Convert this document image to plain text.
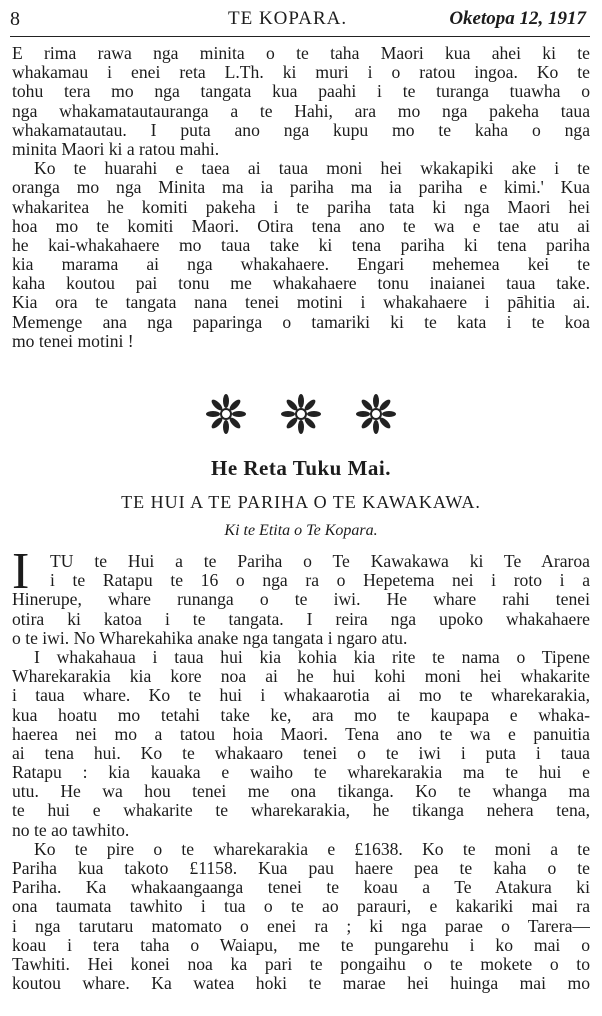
8	TE KOPARA.	Oketopa 12, 1917
E rima rawa nga minita o te taha Maori kua ahei ki te
whakamau i enei reta L.Th. ki muri i o ratou ingoa. Ko te
tohu tera mo nga tangata kua paahi i te turanga tuawha o
nga whakamatautauranga a te Hahi, ara mo nga pakeha taua
whakamatautau. I puta ano nga kupu mo te kaha o nga
minita Maori ki a ratou mahi.
Ko te huarahi e taea ai taua moni hei wkakapiki ake i te
oranga mo nga Minita ma ia pariha ma ia pariha e kimi.' Kua
whakaritea he komiti pakeha i te pariha tata ki nga Maori hei
hoa mo te komiti Maori. Otira tena ano te wa e tae atu ai
he kai-whakahaere mo taua take ki tena pariha ki tena pariha
kia marama ai nga whakahaere. Engari mehemea kei te
kaha koutou pai tonu me whakahaere tonu inaianei taua take.
Kia ora te tangata nana tenei motini i whakahaere i pāhitia ai.
Memenge ana nga paparinga o tamariki ki te kata i te koa
mo tenei motini !
He Reta Tuku Mai.
TE HUI A TE PARIHA O TE KAWAKAWA.
Ki te Etita o Te Kopara.
I	TU te Hui a te Pariha o Te Kawakawa ki Te Araroa
i te Ratapu te 16 o nga ra o Hepetema nei i roto i a
Hinerupe, whare runanga o te iwi. He whare rahi tenei
otira ki katoa i te tangata. I reira nga upoko whakahaere
o te iwi. No Wharekahika anake nga tangata i ngaro atu.
I whakahaua i taua hui kia kohia kia rite te nama o Tipene
Wharekarakia kia kore noa ai he hui kohi moni hei whakarite
i taua whare. Ko te hui i whakaarotia ai mo te wharekarakia,
kua hoatu mo tetahi take ke, ara mo te kaupapa e whaka-
haerea nei mo a tatou hoia Maori. Tena ano te wa e panuitia
ai tena hui. Ko te whakaaro tenei o te iwi i puta i taua
Ratapu : kia kauaka e waiho te wharekarakia ma te hui e
utu. He wa hou tenei me ona tikanga. Ko te whanga ma
te hui e whakarite te wharekarakia, he tikanga nehera tena,
no te ao tawhito.
Ko te pire o te wharekarakia e £1638. Ko te moni a te
Pariha kua takoto £1158. Kua pau haere pea te kaha o te
Pariha. Ka whakaangaanga tenei te koau a Te Atakura ki
ona taumata tawhito i tua o te ao parauri, e kakariki mai ra
i nga tarutaru matomato o enei ra ; ki nga parae o Tarera—
koau i tera taha o Waiapu, me te pungarehu i ko mai o
Tawhiti. Hei konei noa ka pari te pongaihu o te mokete o to
koutou whare. Ka watea hoki te marae hei huinga mai mo
